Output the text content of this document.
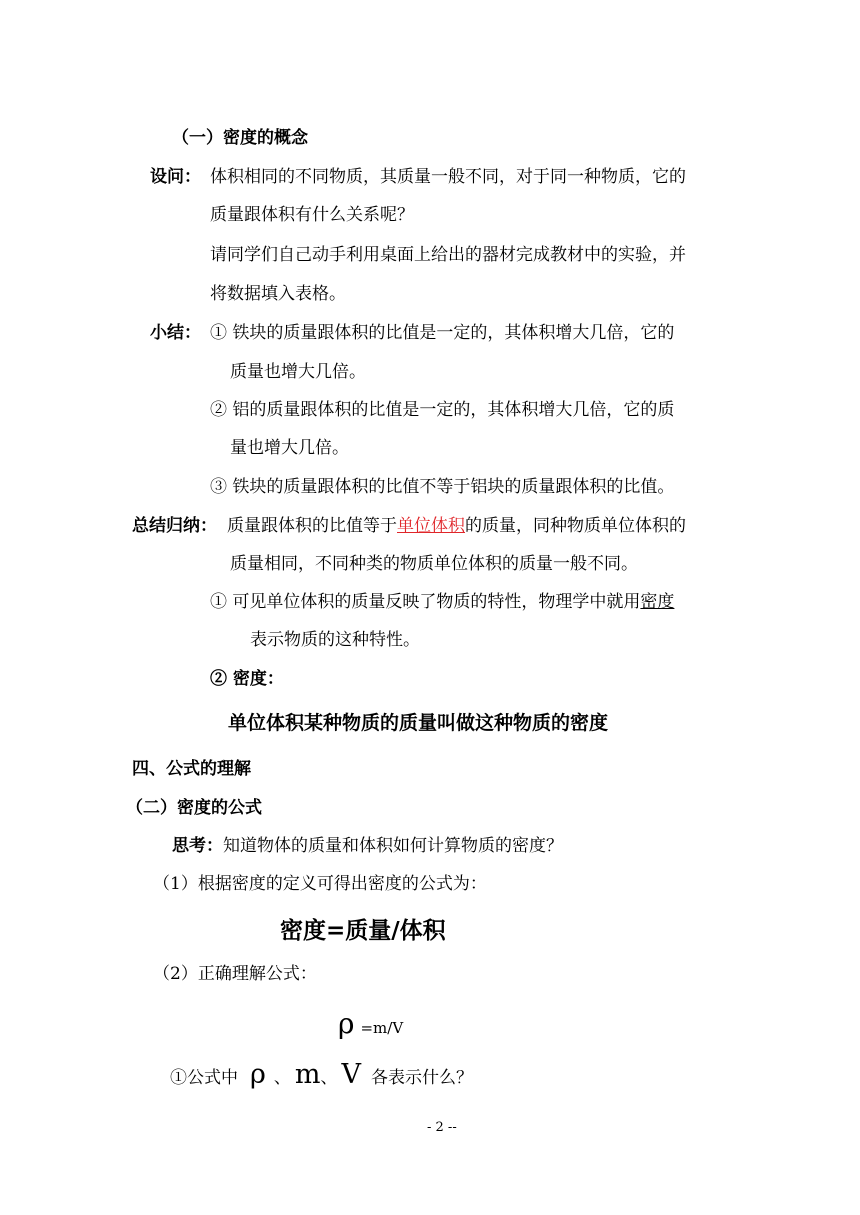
（一）密度的概念
设问： 体积相同的不同物质，其质量一般不同，对于同一种物质，它的
质量跟体积有什么关系呢？
请同学们自己动手利用桌面上给出的器材完成教材中的实验，并
将数据填入表格。
小结： ① 铁块的质量跟体积的比值是一定的，其体积增大几倍，它的
质量也增大几倍。
② 铝的质量跟体积的比值是一定的，其体积增大几倍，它的质
量也增大几倍。
③ 铁块的质量跟体积的比值不等于铝块的质量跟体积的比值。
总结归纳： 质量跟体积的比值等于单位体积的质量，同种物质单位体积的
质量相同，不同种类的物质单位体积的质量一般不同。
① 可见单位体积的质量反映了物质的特性，物理学中就用密度
表示物质的这种特性。
② 密度：
单位体积某种物质的质量叫做这种物质的密度
四、公式的理解
（二）密度的公式
思考：知道物体的质量和体积如何计算物质的密度？
（1）根据密度的定义可得出密度的公式为：
密度=质量/体积
（2）正确理解公式：
ρ =m/V
①公式中 ρ 、 m、 V 各表示什么？
- 2 --
